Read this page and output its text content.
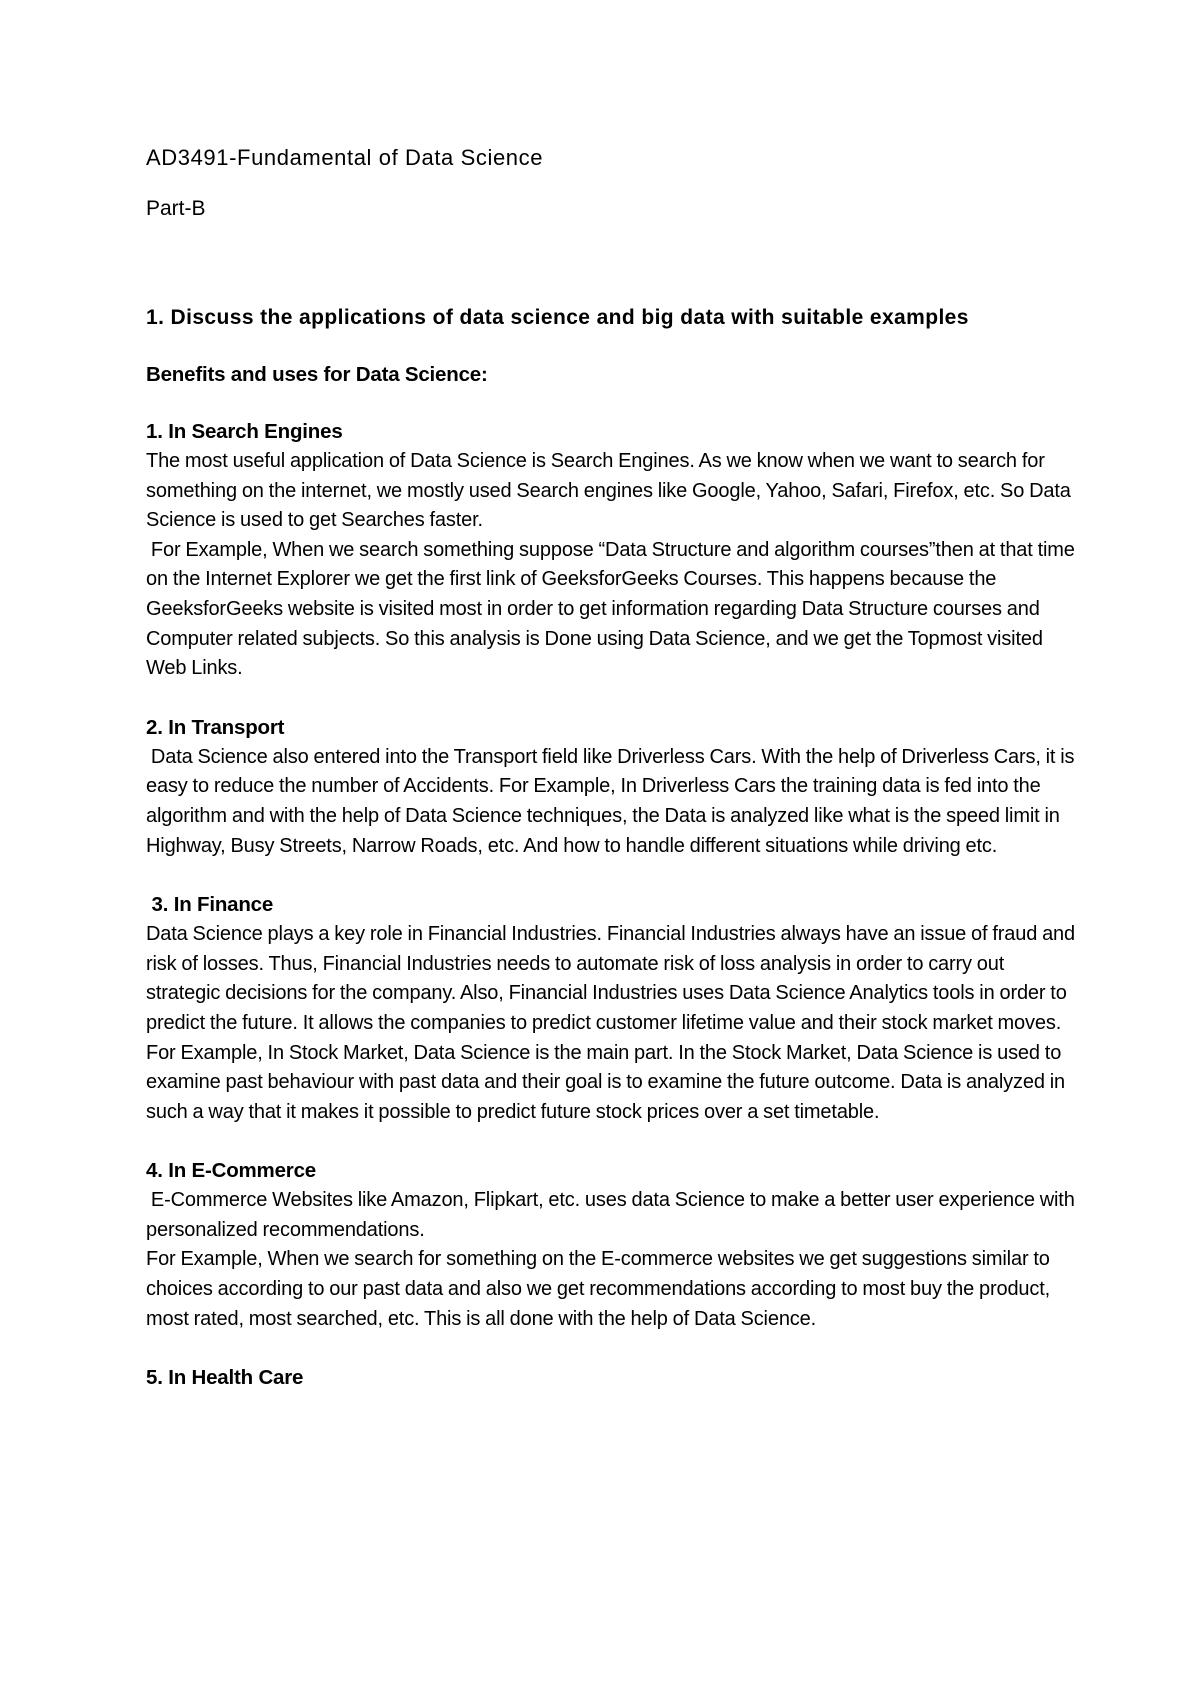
AD3491-Fundamental of Data Science
Part-B

1. Discuss the applications of data science and big data with suitable examples

Benefits and uses for Data Science:

1. In Search Engines

The most useful application of Data Science is Search Engines. As we know when we want to search for something on the internet, we mostly used Search engines like Google, Yahoo, Safari, Firefox, etc. So Data Science is used to get Searches faster.

For Example, When we search something suppose “Data Structure and algorithm courses”then at that time on the Internet Explorer we get the first link of GeeksforGeeks Courses. This happens because the GeeksforGeeks website is visited most in order to get information regarding Data Structure courses and Computer related subjects. So this analysis is Done using Data Science, and we get the Topmost visited Web Links.

2. In Transport

Data Science also entered into the Transport field like Driverless Cars. With the help of Driverless Cars, it is easy to reduce the number of Accidents. For Example, In Driverless Cars the training data is fed into the algorithm and with the help of Data Science techniques, the Data is analyzed like what is the speed limit in Highway, Busy Streets, Narrow Roads, etc. And how to handle different situations while driving etc.

3. In Finance

Data Science plays a key role in Financial Industries. Financial Industries always have an issue of fraud and risk of losses. Thus, Financial Industries needs to automate risk of loss analysis in order to carry out strategic decisions for the company. Also, Financial Industries uses Data Science Analytics tools in order to predict the future. It allows the companies to predict customer lifetime value and their stock market moves. For Example, In Stock Market, Data Science is the main part. In the Stock Market, Data Science is used to examine past behaviour with past data and their goal is to examine the future outcome. Data is analyzed in such a way that it makes it possible to predict future stock prices over a set timetable.

4. In E-Commerce

E-Commerce Websites like Amazon, Flipkart, etc. uses data Science to make a better user experience with personalized recommendations.

For Example, When we search for something on the E-commerce websites we get suggestions similar to choices according to our past data and also we get recommendations according to most buy the product, most rated, most searched, etc. This is all done with the help of Data Science.

5. In Health Care
